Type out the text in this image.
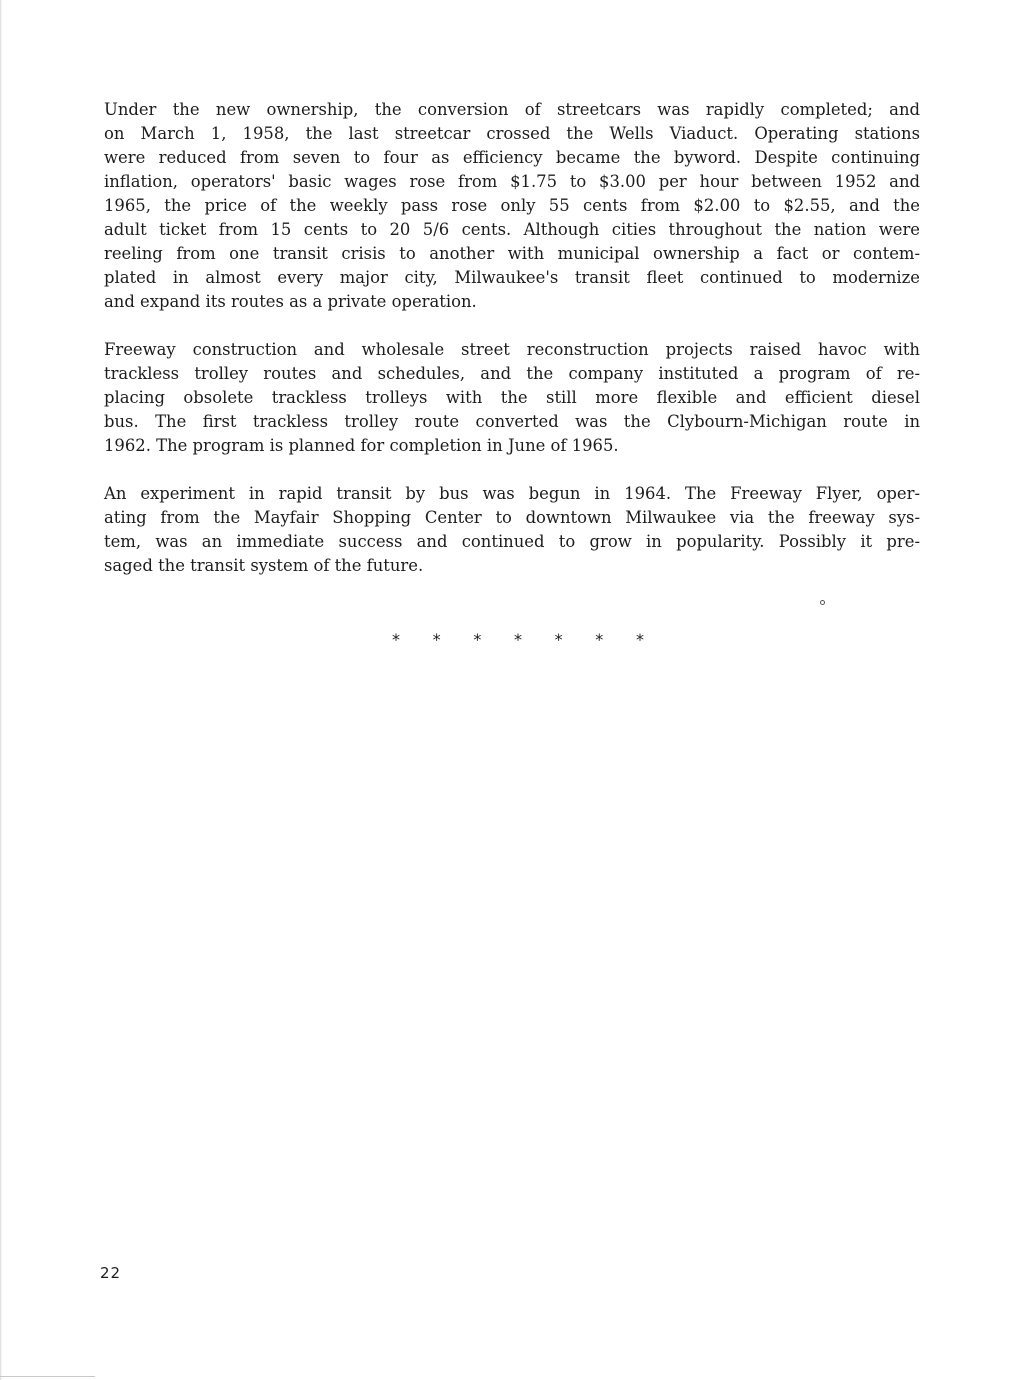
Under the new ownership, the conversion of streetcars was rapidly completed; and
on March 1, 1958, the last streetcar crossed the Wells Viaduct. Operating stations
were reduced from seven to four as efficiency became the byword. Despite continuing
inflation, operators' basic wages rose from $1.75 to $3.00 per hour between 1952 and
1965, the price of the weekly pass rose only 55 cents from $2.00 to $2.55, and the
adult ticket from 15 cents to 20 5/6 cents. Although cities throughout the nation were
reeling from one transit crisis to another with municipal ownership a fact or contem-
plated in almost every major city, Milwaukee's transit fleet continued to modernize
and expand its routes as a private operation.

Freeway construction and wholesale street reconstruction projects raised havoc with
trackless trolley routes and schedules, and the company instituted a program of re-
placing obsolete trackless trolleys with the still more flexible and efficient diesel
bus. The first trackless trolley route converted was the Clybourn-Michigan route in
1962. The program is planned for completion in June of 1965.

An experiment in rapid transit by bus was begun in 1964. The Freeway Flyer, oper-
ating from the Mayfair Shopping Center to downtown Milwaukee via the freeway sys-
tem, was an immediate success and continued to grow in popularity. Possibly it pre-
saged the transit system of the future.

* * * * * * *
22
